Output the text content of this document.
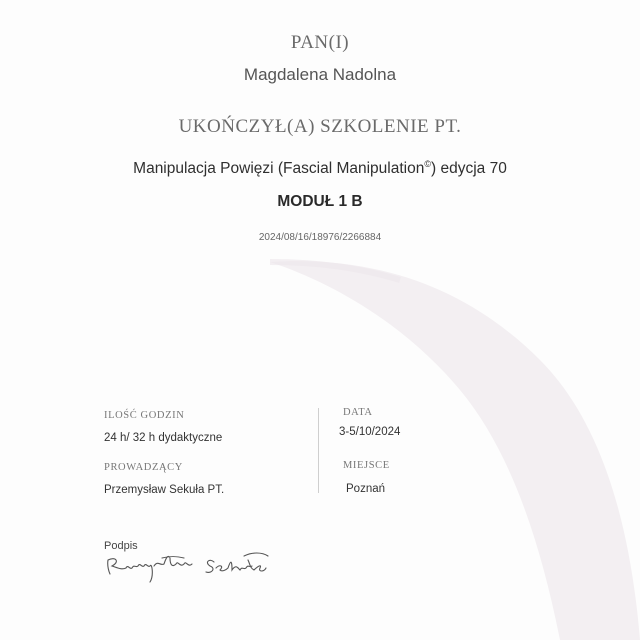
PAN(I)
Magdalena Nadolna
UKOŃCZYŁ(A) SZKOLENIE PT.
Manipulacja Powięzi (Fascial Manipulation©) edycja 70
MODUŁ 1 B
2024/08/16/18976/2266884
ILOŚĆ GODZIN
24 h/ 32 h dydaktyczne
PROWADZĄCY
Przemysław Sekuła PT.
DATA
3-5/10/2024
MIEJSCE
Poznań
Podpis
